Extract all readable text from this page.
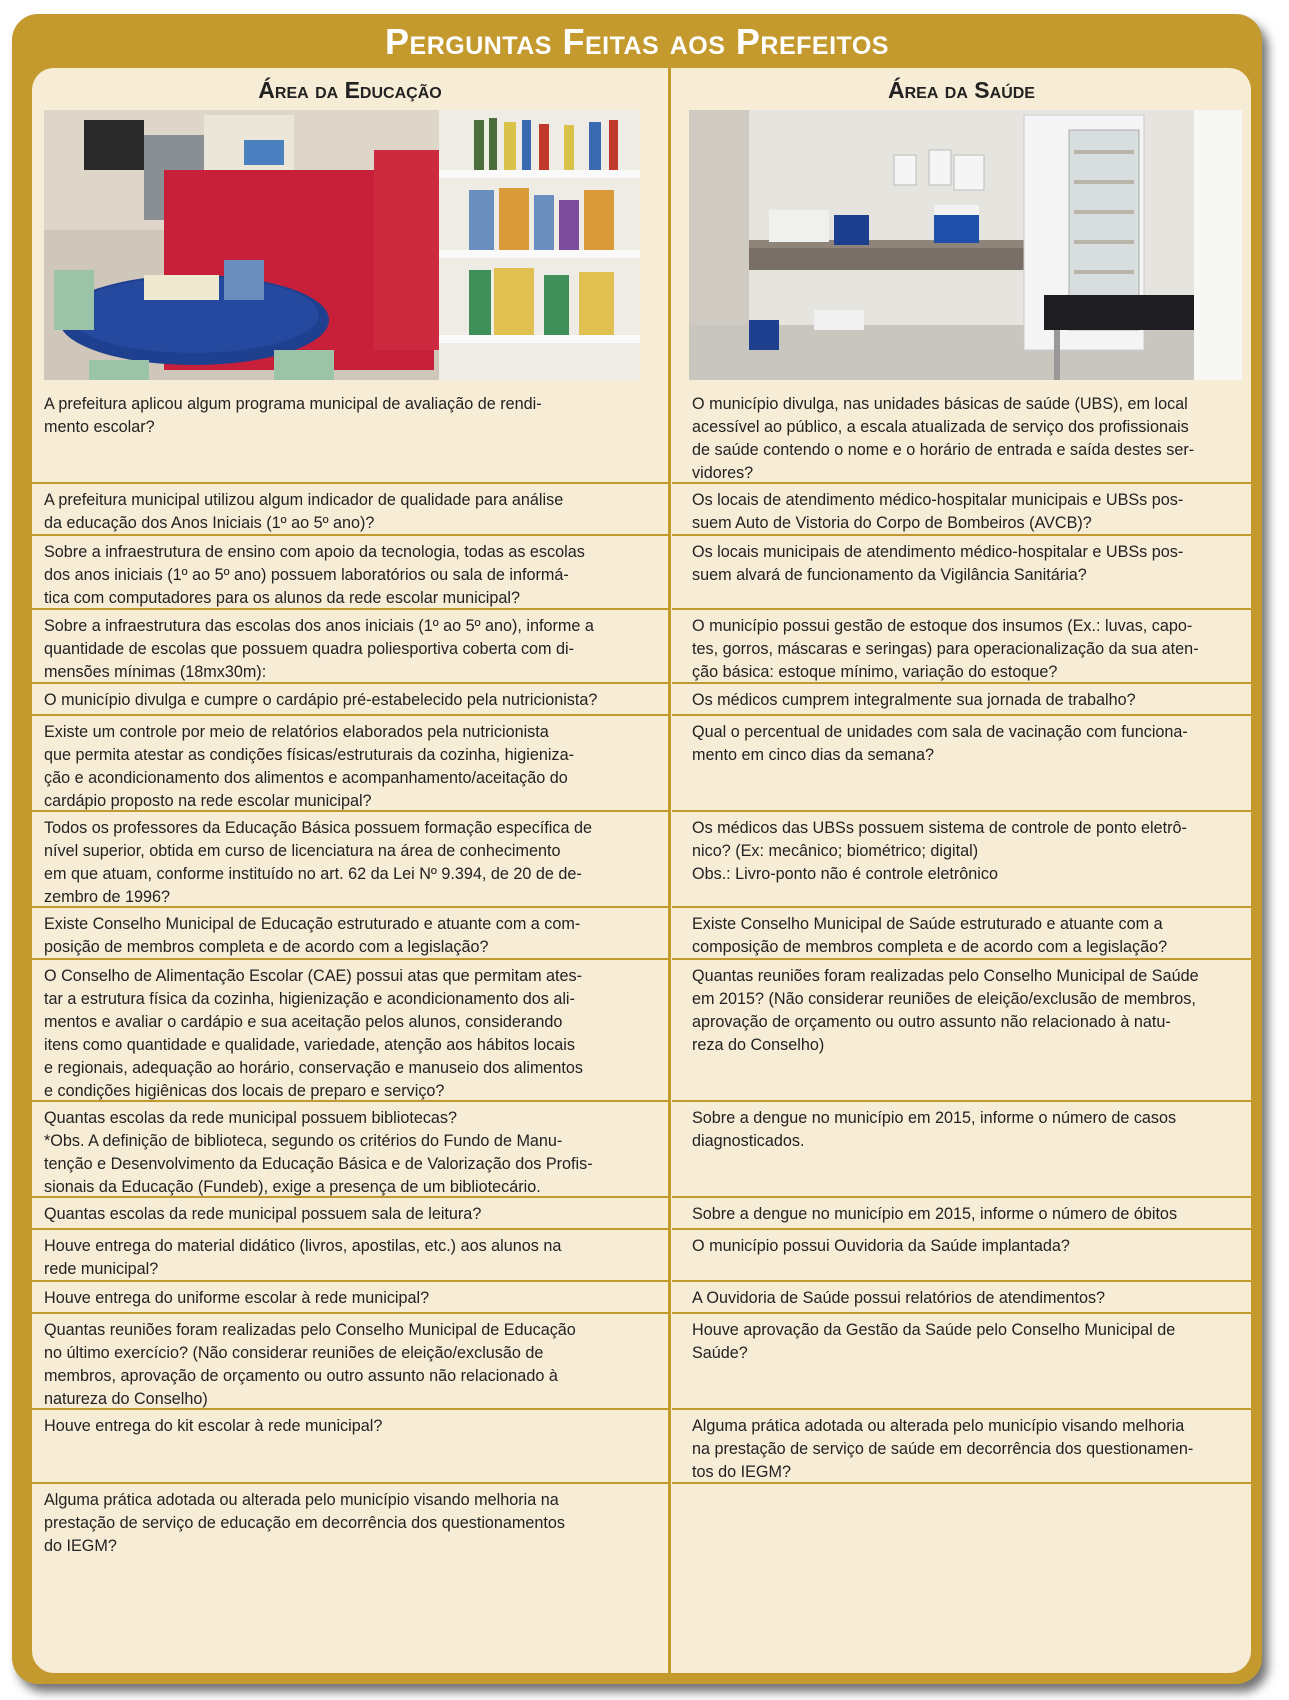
Perguntas Feitas aos Prefeitos
Área da Educação
A prefeitura aplicou algum programa municipal de avaliação de rendi-
mento escolar?
A prefeitura municipal utilizou algum indicador de qualidade para análise
da educação dos Anos Iniciais (1º ao 5º ano)?
Sobre a infraestrutura de ensino com apoio da tecnologia, todas as escolas
dos anos iniciais (1º ao 5º ano) possuem laboratórios ou sala de informá-
tica com computadores para os alunos da rede escolar municipal?
Sobre a infraestrutura das escolas dos anos iniciais (1º ao 5º ano), informe a
quantidade de escolas que possuem quadra poliesportiva coberta com di-
mensões mínimas (18mx30m):
O município divulga e cumpre o cardápio pré-estabelecido pela nutricionista?
Existe um controle por meio de relatórios elaborados pela nutricionista
que permita atestar as condições físicas/estruturais da cozinha, higieniza-
ção e acondicionamento dos alimentos e acompanhamento/aceitação do
cardápio proposto na rede escolar municipal?
Todos os professores da Educação Básica possuem formação específica de
nível superior, obtida em curso de licenciatura na área de conhecimento
em que atuam, conforme instituído no art. 62 da Lei Nº 9.394, de 20 de de-
zembro de 1996?
Existe Conselho Municipal de Educação estruturado e atuante com a com-
posição de membros completa e de acordo com a legislação?
O Conselho de Alimentação Escolar (CAE) possui atas que permitam ates-
tar a estrutura física da cozinha, higienização e acondicionamento dos ali-
mentos e avaliar o cardápio e sua aceitação pelos alunos, considerando
itens como quantidade e qualidade, variedade, atenção aos hábitos locais
e regionais, adequação ao horário, conservação e manuseio dos alimentos
e condições higiênicas dos locais de preparo e serviço?
Quantas escolas da rede municipal possuem bibliotecas?
*Obs. A definição de biblioteca, segundo os critérios do Fundo de Manu-
tenção e Desenvolvimento da Educação Básica e de Valorização dos Profis-
sionais da Educação (Fundeb), exige a presença de um bibliotecário.
Quantas escolas da rede municipal possuem sala de leitura?
Houve entrega do material didático (livros, apostilas, etc.) aos alunos na
rede municipal?
Houve entrega do uniforme escolar à rede municipal?
Quantas reuniões foram realizadas pelo Conselho Municipal de Educação
no último exercício? (Não considerar reuniões de eleição/exclusão de
membros, aprovação de orçamento ou outro assunto não relacionado à
natureza do Conselho)
Houve entrega do kit escolar à rede municipal?
Alguma prática adotada ou alterada pelo município visando melhoria na
prestação de serviço de educação em decorrência dos questionamentos
do IEGM?
Área da Saúde
O município divulga, nas unidades básicas de saúde (UBS), em local
acessível ao público, a escala atualizada de serviço dos profissionais
de saúde contendo o nome e o horário de entrada e saída destes ser-
vidores?
Os locais de atendimento médico-hospitalar municipais e UBSs pos-
suem Auto de Vistoria do Corpo de Bombeiros (AVCB)?
Os locais municipais de atendimento médico-hospitalar e UBSs pos-
suem alvará de funcionamento da Vigilância Sanitária?
O município possui gestão de estoque dos insumos (Ex.: luvas, capo-
tes, gorros, máscaras e seringas) para operacionalização da sua aten-
ção básica: estoque mínimo, variação do estoque?
Os médicos cumprem integralmente sua jornada de trabalho?
Qual o percentual de unidades com sala de vacinação com funciona-
mento em cinco dias da semana?
Os médicos das UBSs possuem sistema de controle de ponto eletrô-
nico? (Ex: mecânico; biométrico; digital)
Obs.: Livro-ponto não é controle eletrônico
Existe Conselho Municipal de Saúde estruturado e atuante com a
composição de membros completa e de acordo com a legislação?
Quantas reuniões foram realizadas pelo Conselho Municipal de Saúde
em 2015? (Não considerar reuniões de eleição/exclusão de membros,
aprovação de orçamento ou outro assunto não relacionado à natu-
reza do Conselho)
Sobre a dengue no município em 2015, informe o número de casos
diagnosticados.
Sobre a dengue no município em 2015, informe o número de óbitos
O município possui Ouvidoria da Saúde implantada?
A Ouvidoria de Saúde possui relatórios de atendimentos?
Houve aprovação da Gestão da Saúde pelo Conselho Municipal de
Saúde?
Alguma prática adotada ou alterada pelo município visando melhoria
na prestação de serviço de saúde em decorrência dos questionamen-
tos do IEGM?
